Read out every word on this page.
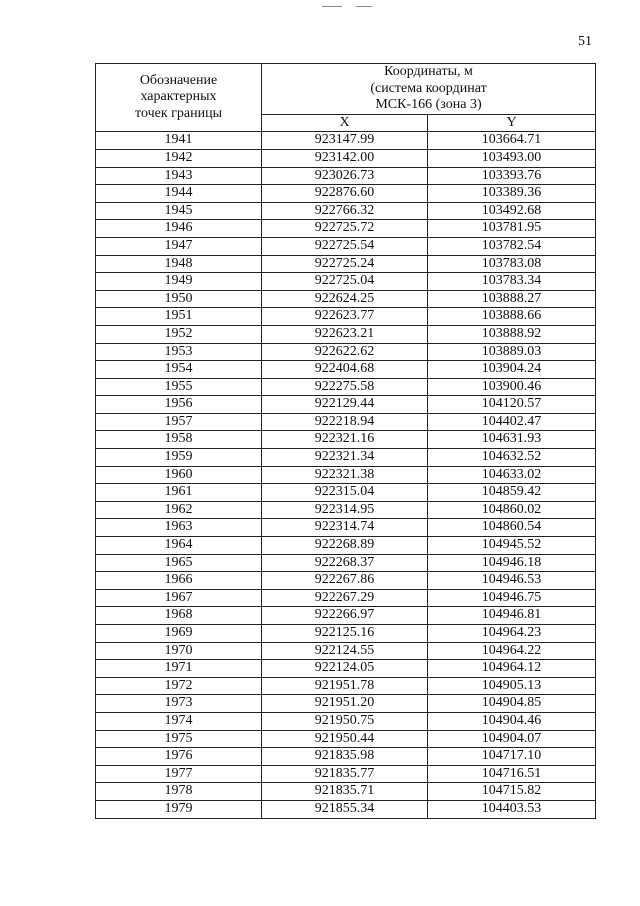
51
Обозначение
характерных
точек границы	Координаты, м
(система координат
МСК-166 (зона 3)	

	X	Y
1941	923147.99	103664.71
1942	923142.00	103493.00
1943	923026.73	103393.76
1944	922876.60	103389.36
1945	922766.32	103492.68
1946	922725.72	103781.95
1947	922725.54	103782.54
1948	922725.24	103783.08
1949	922725.04	103783.34
1950	922624.25	103888.27
1951	922623.77	103888.66
1952	922623.21	103888.92
1953	922622.62	103889.03
1954	922404.68	103904.24
1955	922275.58	103900.46
1956	922129.44	104120.57
1957	922218.94	104402.47
1958	922321.16	104631.93
1959	922321.34	104632.52
1960	922321.38	104633.02
1961	922315.04	104859.42
1962	922314.95	104860.02
1963	922314.74	104860.54
1964	922268.89	104945.52
1965	922268.37	104946.18
1966	922267.86	104946.53
1967	922267.29	104946.75
1968	922266.97	104946.81
1969	922125.16	104964.23
1970	922124.55	104964.22
1971	922124.05	104964.12
1972	921951.78	104905.13
1973	921951.20	104904.85
1974	921950.75	104904.46
1975	921950.44	104904.07
1976	921835.98	104717.10
1977	921835.77	104716.51
1978	921835.71	104715.82
1979	921855.34	104403.53
